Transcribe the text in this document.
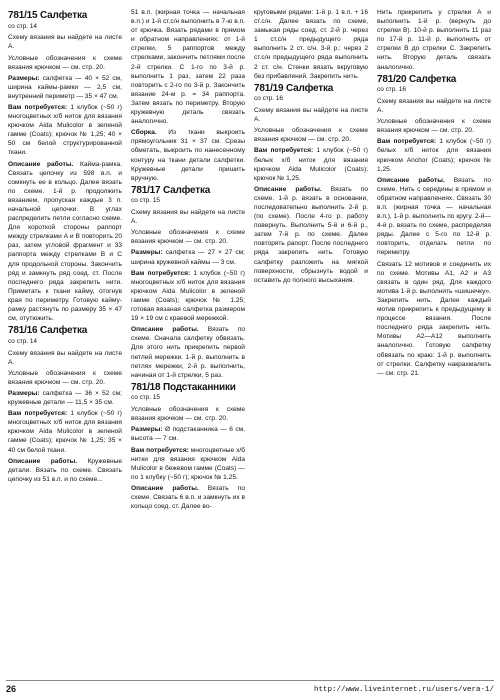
781/15 Салфетка
со стр. 14

Схему вязания вы найдете на листе А.

Условные обозначения к схеме вязания крючком — см. стр. 20.

Размеры: салфетка — 40 × 52 см, ширина каймы-рамки — 2,5 см, внутренний периметр — 35 × 47 см.

Вам потребуется: 1 клубок (~50 г) многоцветных х/б ниток для вязания крючком Aida Mulicolor в зеленой гамме (Coats); крючок № 1,25; 40 × 50 см белой структурированной ткани.

Описание работы. Кайма-рамка. Связать цепочку из 598 в.п. и сомкнуть ее в кольцо. Далее вязать по схеме. 1-й р. продолжить вязанием, пропуская каждые 3 п. начальной цепочки. В углах распределить петли согласно схеме. Для короткой стороны раппорт между стрелками А и В повторить 20 раз, затем угловой фрагмент и 33 раппорта между стрелками В и С для продольной стороны. Закончить ряд и замкнуть ряд соед. ст. После последнего ряда закрепить нити. Приметать к ткани кайму, отогнув края по периметру. Готовую кайму-рамку растянуть по размеру 35 × 47 см, отутюжить.

781/16 Салфетка
со стр. 14

Схему вязания вы найдете на листе А.

Условные обозначения к схеме вязания крючком — см. стр. 20.

Размеры: салфетка — 36 × 52 см; кружевные детали — 11,5 × 35 см.

Вам потребуется: 1 клубок (~50 г) многоцветных х/б ниток для вязания крючком Aida Mulicolor в зеленой гамме (Coats); крючок № 1,25; 35 × 40 см белой ткани.

Описание работы. Кружевные детали. Вязать по схеме. Связать цепочку из 51 в.п. и по схеме...

51 в.п. (жирная точка — начальная в.п.) и 1-й ст.с/н выполнить в 7-ю в.п. от крючка. Вязать рядами в прямом и обратном направлениях: от 1-й стрелки, 5 раппортов между стрелками, закончить петлями после 2-й стрелки. С 1-го по 3-й р. выполнить 1 раз, затем 22 раза повторить с 2-го по 3-й р. Закончить вязание 24-м р. = 34 раппорта. Затем вязать по периметру. Вторую кружевную деталь связать аналогично.

Сборка. Из ткани выкроить прямоугольник 31 × 37 см. Срезы обметать, выкроить по нанесенному контуру на ткани детали салфетки. Кружевные детали пришить вручную.

781/17 Салфетка
со стр. 15

Схему вязания вы найдете на листе А.

Условные обозначения к схеме вязания крючком — см. стр. 20.

Размеры: салфетка — 27 × 27 см; ширина кружевной каймы — 3 см.

Вам потребуется: 1 клубок (~50 г) многоцветных х/б ниток для вязания крючком Aida Mulicolor в зеленой гамме (Coats); крючок № 1,25; готовая вязаная салфетка размером 19 × 19 см с краевой мережкой.

Описание работы. Вязать по схеме. Сначала салфетку обвязать. Для этого нить прикрепить первой петлей мережки. 1-й р. выполнить в петлях мережки, 2-й р. выполнить, начиная от 1-й стрелки, 5 раз.

781/18 Подстаканники
со стр. 15

Условные обозначения к схеме вязания крючком — см. стр. 20.

Размеры: Ø подстаканника — 6 см, высота — 7 см.

Вам потребуется: многоцветные х/б нитки для вязания крючком Aida Mulicolor в бежевом гамме (Coats) — по 1 клубку (~50 г); крючок № 1,25.

Описание работы. Вязать по схеме. Связать 6 в.п. и замкнуть их в кольцо соед. ст. Далее во-

круговыми рядами: 1-й р. 1 в.п. + 16 ст.с/н. Далее вязать по схеме, замыкая ряды соед. ст. 2-й р. через 1 ст.с/н предыдущего ряда выполнить 2 ст. с/н. 3-й р.: через 2 ст.с/н предыдущего ряда выполнить 2 ст. с/н. Стенки вязать вкруговую без прибавлений. Закрепить нить.

781/19 Салфетка
со стр. 16

Схему вязания вы найдете на листе А.

Условные обозначения к схеме вязания крючком — см. стр. 20.

Вам потребуется: 1 клубок (~50 г) белых х/б ниток для вязания крючком Aida Mulicolor (Coats); крючок № 1,25.

Описание работы. Вязать по схеме. 1-й р. вязать в основании, последовательно выполнить 2-й р. (по схеме). После 4-го р. работу повернуть. Выполнить 5-й и 6-й р., затем 7-й р. по схеме. Далее повторять рапорт. После последнего ряда закрепить нить. Готовую салфетку разложить на мягкой поверхности, сбрызнуть водой и оставить до полного высыхания.

Нить прикрепить у стрелки А и выполнить 1-й р. (вернуть до стрелки В). 10-й р. выполнить 11 раз по 17-й р. 11-й р. выполнить от стрелки В до стрелки С. Закрепить нить. Вторую деталь связать аналогично.

781/20 Салфетка
со стр. 16

Схему вязания вы найдете на листе А.

Условные обозначения к схеме вязания крючком — см. стр. 20.

Вам потребуется: 1 клубок (~50 г) белых х/б ниток для вязания крючком Anchor (Coats); крючок № 1,25.

Описание работы. Вязать по схеме. Нить с середины в прямом и обратном направлениях. Связать 30 в.п. (жирная точка — начальная в.п.), 1-й р. выполнить по кругу. 2-й—4-й р. вязать по схеме, распределяя ряды. Далее с 5-го по 12-й р. повторить, отделать петли по периметру.

Связать 12 мотивов и соединить их по схеме. Мотивы А1, А2 и А3 связать в один ряд. Для каждого мотива 1-й р. выполнить «шишечку». Закрепить нить. Далее каждый мотив прикрепить к предыдущему в процессе вязания. После последнего ряда закрепить нить. Мотивы А2—А12 выполнить аналогично. Готовую салфетку обвязать по краю: 1-й р. выполнить от стрелки. Салфетку накрахмалить — см. стр. 21.

26	http://www.liveinternet.ru/users/vera-1/
